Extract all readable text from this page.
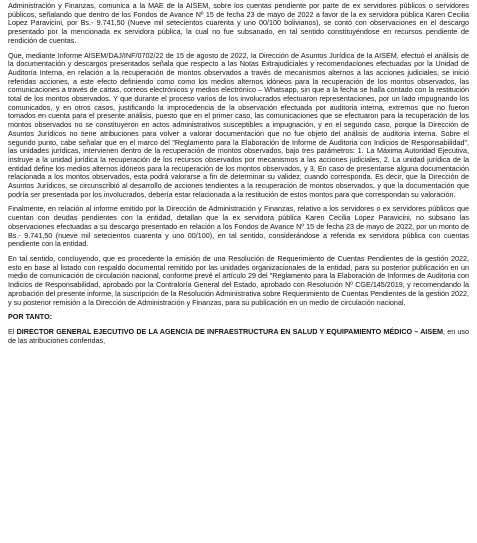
Administración y Finanzas, comunica a la MAE de la AISEM, sobre los cuentas pendiente por parte de ex servidores públicos o servidores públicos, señalando que dentro de los Fondos de Avance Nº 15 de fecha 23 de mayo de 2022 a favor de la ex servidora pública Karen Cecilia Lopez Paravicini, por Bs.- 9.741,50 (Nueve mil setecientos cuarenta y uno 00/100 bolivianos), se contó con observaciones en el descargo presentado por la mencionada ex servidora pública, la cual no fue subsanado, en tal sentido constituyéndose en recursos pendiente de rendición de cuentas.

Que, mediante Informe AISEM/DAJ/INF/0702/22 de 15 de agosto de 2022, la Dirección de Asuntos Jurídica de la AISEM, efectuó el análisis de la documentación y descargos presentados señala que respecto a las Notas Extrajudiciales y recomendaciones efectuadas por la Unidad de Auditoría Interna, en relación a la recuperación de montos observados a través de mecanismos alternos a las acciones judiciales, se inició referidas acciones, a este efecto definiendo como como los medios alternos idóneos para la recuperación de los montos observados, las comunicaciones a través de cartas, correos electrónicos y medios electrónico – Whatsapp, sin que a la fecha se halla contado con la restitución total de los montos observados. Y que durante el proceso varios de los involucrados efectuaron representaciones, por un lado impugnando los comunicados, y en otros casos, justificando la improcedencia de la observación efectuada por auditoria interna, extremos que no fueron tomados en cuenta para el presente análisis, puesto que en el primer caso, las comunicaciones que se efectuaron para la recuperación de los montos observados no se constituyeron en actos administrativos susceptibles a impugnación, y en el segundo caso, porque la Dirección de Asuntos Jurídicos no tiene atribuciones para volver a valorar documentación que no fue objeto del análisis de auditoria interna. Sobre el segundo punto, cabe señalar que en el marco del "Reglamento para la Elaboración de Informe de Auditoria con Indicios de Responsabilidad", las unidades jurídicas, intervienen dentro de la recuperación de montos observados, bajo tres parámetros: 1. La Máxima Autoridad Ejecutiva, instruye a la unidad jurídica la recuperación de los recursos observados por mecanismos a las acciones judiciales, 2. La unidad jurídica de la entidad define los medios alternos idóneos para la recuperación de los montos observados, y 3. En caso de presentarse alguna documentación relacionada a los montos observados, esta podrá valorarse a fin de determinar su validez, cuando corresponda. Es decir, que la Dirección de Asuntos Jurídicos, se circunscribió al desarrollo de acciones tendientes a la recuperación de montos observados, y que la documentación que podría ser presentada por los involucrados, debería estar relacionada a la restitución de estos montos para que correspondan su valoración.

Finalmente, en relación al informe emitido por la Dirección de Administración y Finanzas, relativo a los servidores o ex servidores públicos que cuentan con deudas pendientes con la entidad, detallan que la ex servidora pública Karen Cecilia Lopez Paravicini, no subsano las observaciones efectuadas a su descargo presentado en relación a los Fondos de Avance Nº 15 de fecha 23 de mayo de 2022, por un monto de Bs.- 9.741,50 (nueve mil setecientos cuarenta y uno 00/100), en tal sentido, considerándose a referida ex servidora pública con cuentas pendiente con la entidad.

En tal sentido, concluyendo, que es procedente la emisión de una Resolución de Requerimiento de Cuentas Pendientes de la gestión 2022, esto en base al listado con respaldo documental remitido por las unidades organizacionales de la entidad, para su posterior publicación en un medio de comunicación de circulación nacional, conforme prevé el artículo 29 del "Reglamento para la Elaboración de Informes de Auditoria con Indicios de Responsabilidad, aprobado por la Contraloría General del Estado, aprobado con Resolución Nº CGE/145/2019, y recomendando la aprobación del presente informe, la suscripción de la Resolución Administrativa sobre Requerimiento de Cuentas Pendientes de la gestión 2022, y su posterior remisión a la Dirección de Administración y Finanzas, para su publicación en un medio de circulación nacional.

POR TANTO:

El DIRECTOR GENERAL EJECUTIVO DE LA AGENCIA DE INFRAESTRUCTURA EN SALUD Y EQUIPAMIENTO MÉDICO – AISEM, en uso de las atribuciones conferidas,
